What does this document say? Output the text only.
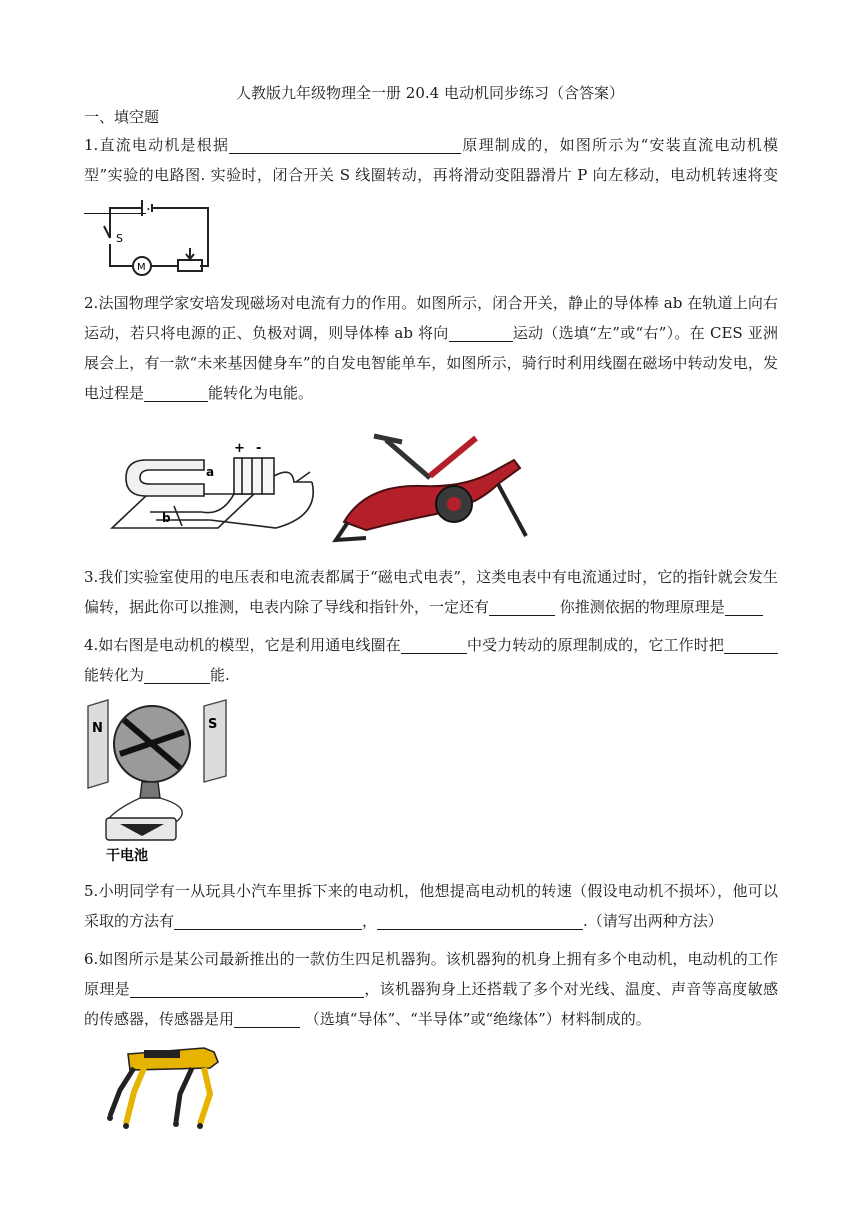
人教版九年级物理全一册 20.4 电动机同步练习（含答案）
一、填空题
1.直流电动机是根据	原理制成的，如图所示为“安装直流电动机模型”实验的电路图. 实验时，闭合开关 S 线圈转动，再将滑动变阻器滑片 P 向左移动，电动机转速将变.
S
M
2.法国物理学家安培发现磁场对电流有力的作用。如图所示，闭合开关，静止的导体棒 ab 在轨道上向右运动，若只将电源的正、负极对调，则导体棒 ab 将向	运动（选填“左”或“右”）。在 CES 亚洲展会上，有一款“未来基因健身车”的自发电智能单车，如图所示，骑行时利用线圈在磁场中转动发电，发电过程是	能转化为电能。
+ -
a
b
3.我们实验室使用的电压表和电流表都属于“磁电式电表”，这类电表中有电流通过时，它的指针就会发生偏转，据此你可以推测，电表内除了导线和指针外，一定还有	你推测依据的物理原理是
4.如右图是电动机的模型，它是利用通电线圈在	中受力转动的原理制成的，它工作时把能转化为	能.
N	S
干电池
5.小明同学有一从玩具小汽车里拆下来的电动机，他想提高电动机的转速（假设电动机不损坏），他可以采取的方法有	，	.（请写出两种方法）
6.如图所示是某公司最新推出的一款仿生四足机器狗。该机器狗的机身上拥有多个电动机，电动机的工作原理是	，该机器狗身上还搭载了多个对光线、温度、声音等高度敏感的传感器，传感器是用	（选填“导体”、“半导体”或“绝缘体”）材料制成的。
